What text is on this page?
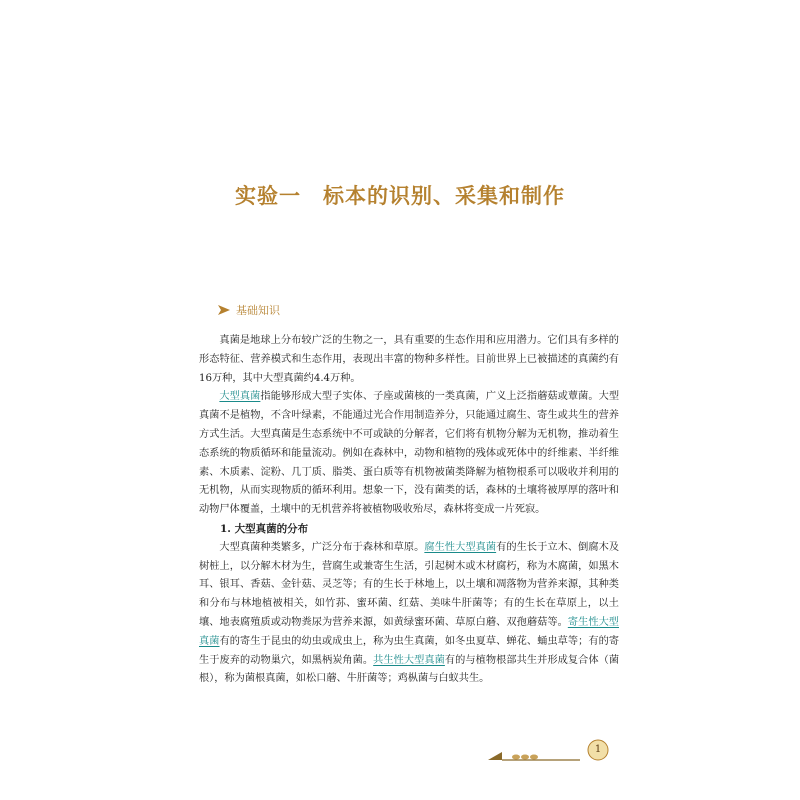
实验一　标本的识别、采集和制作
基础知识

真菌是地球上分布较广泛的生物之一，具有重要的生态作用和应用潜力。它们具有多样的形态特征、营养模式和生态作用，表现出丰富的物种多样性。目前世界上已被描述的真菌约有16万种，其中大型真菌约4.4万种。

大型真菌指能够形成大型子实体、子座或菌核的一类真菌，广义上泛指蘑菇或蕈菌。大型真菌不是植物，不含叶绿素，不能通过光合作用制造养分，只能通过腐生、寄生或共生的营养方式生活。大型真菌是生态系统中不可或缺的分解者，它们将有机物分解为无机物，推动着生态系统的物质循环和能量流动。例如在森林中，动物和植物的残体或死体中的纤维素、半纤维素、木质素、淀粉、几丁质、脂类、蛋白质等有机物被菌类降解为植物根系可以吸收并利用的无机物，从而实现物质的循环利用。想象一下，没有菌类的话，森林的土壤将被厚厚的落叶和动物尸体覆盖，土壤中的无机营养将被植物吸收殆尽，森林将变成一片死寂。

1. 大型真菌的分布

大型真菌种类繁多，广泛分布于森林和草原。腐生性大型真菌有的生长于立木、倒腐木及树桩上，以分解木材为生，营腐生或兼寄生生活，引起树木或木材腐朽，称为木腐菌，如黑木耳、银耳、香菇、金针菇、灵芝等；有的生长于林地上，以土壤和凋落物为营养来源，其种类和分布与林地植被相关，如竹荪、蜜环菌、红菇、美味牛肝菌等；有的生长在草原上，以土壤、地表腐殖质或动物粪尿为营养来源，如黄绿蜜环菌、草原白蘑、双孢蘑菇等。寄生性大型真菌有的寄生于昆虫的幼虫或成虫上，称为虫生真菌，如冬虫夏草、蝉花、蛹虫草等；有的寄生于废弃的动物巢穴，如黑柄炭角菌。共生性大型真菌有的与植物根部共生并形成复合体（菌根），称为菌根真菌，如松口蘑、牛肝菌等；鸡枞菌与白蚁共生。

1
